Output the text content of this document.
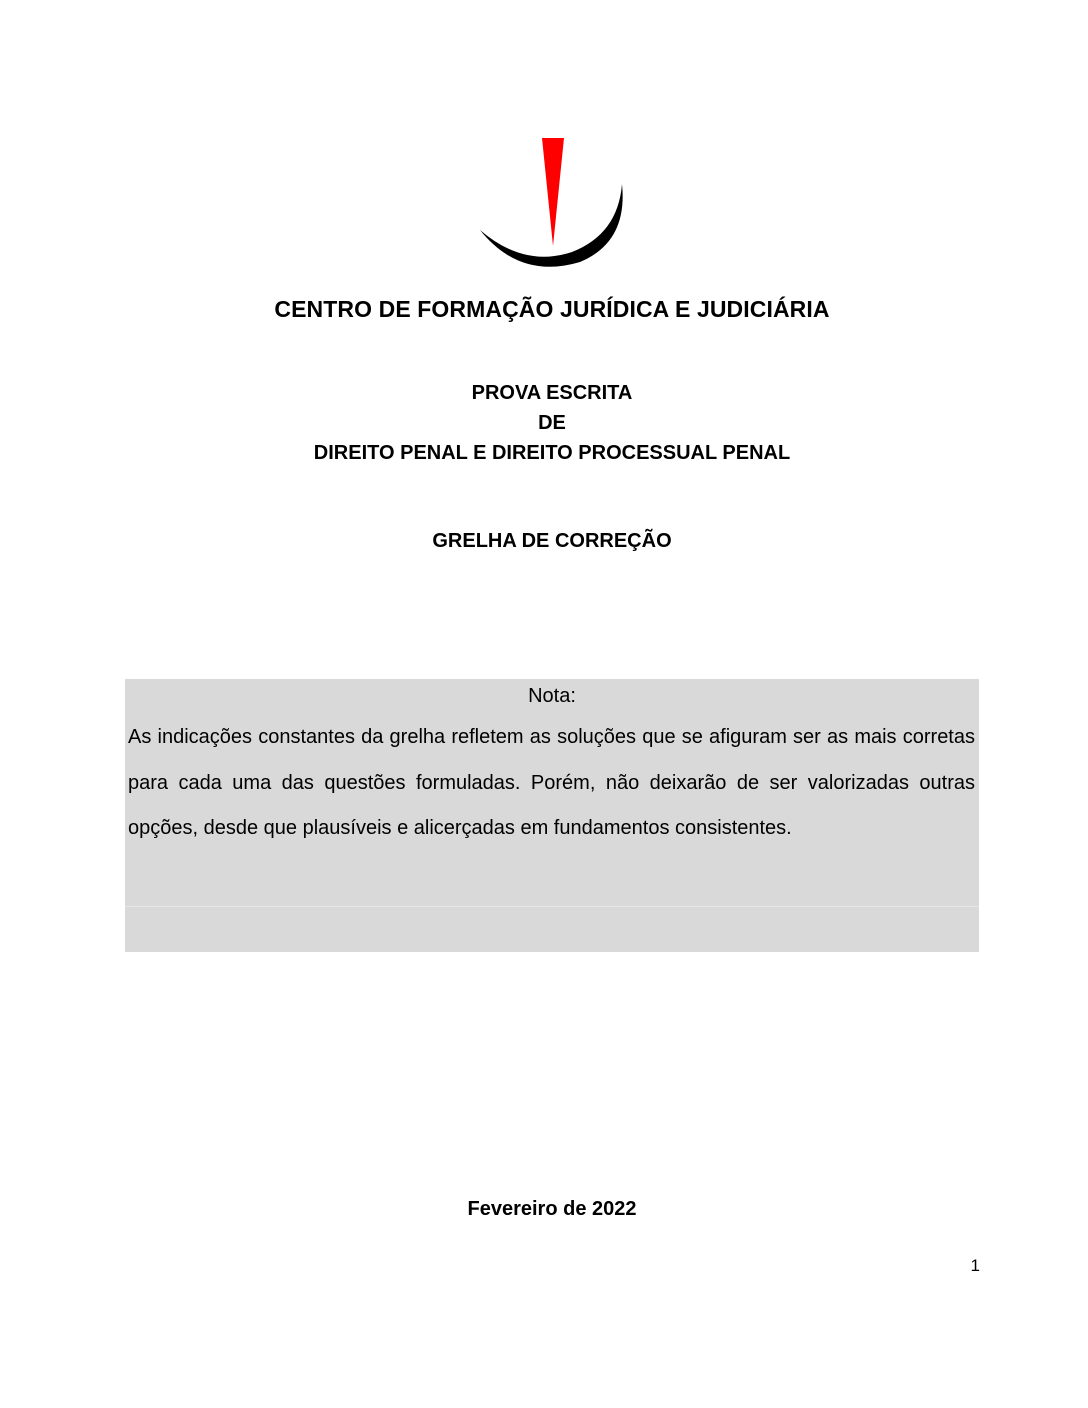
CENTRO DE FORMAÇÃO JURÍDICA E JUDICIÁRIA
PROVA ESCRITA
DE
DIREITO PENAL E DIREITO PROCESSUAL PENAL
GRELHA DE CORREÇÃO
Nota:
As indicações constantes da grelha refletem as soluções que se afiguram ser as mais corretas para cada uma das questões formuladas. Porém, não deixarão de ser valorizadas outras opções, desde que plausíveis e alicerçadas em fundamentos consistentes.
Fevereiro de 2022
1
